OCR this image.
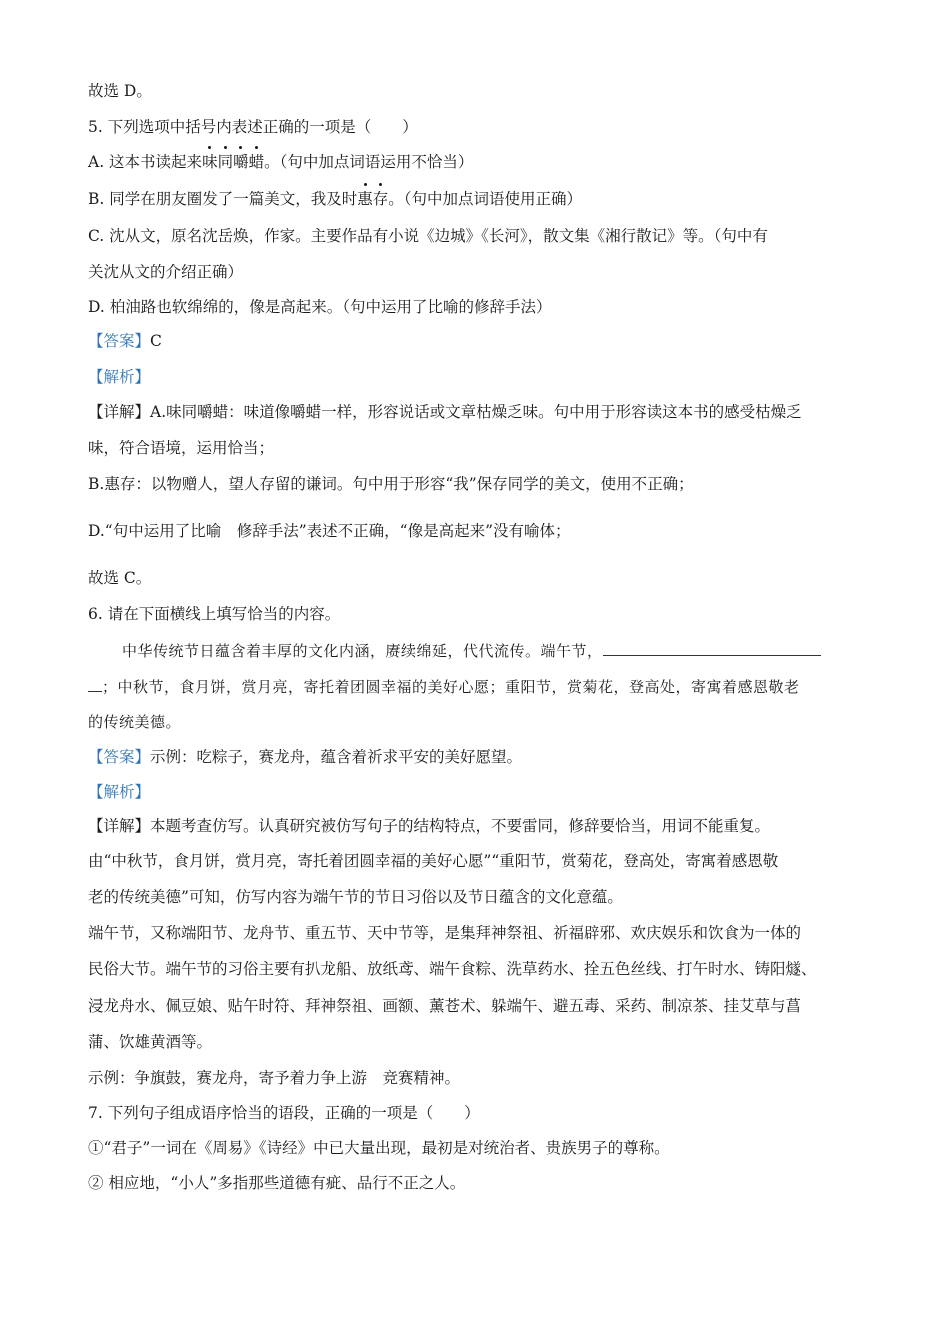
故选 D。
5. 下列选项中括号内表述正确的一项是（　　）
A. 这本书读起来味同嚼蜡。（句中加点词语运用不恰当）
B. 同学在朋友圈发了一篇美文，我及时惠存。（句中加点词语使用正确）
C. 沈从文，原名沈岳焕，作家。主要作品有小说《边城》《长河》，散文集《湘行散记》等。（句中有
关沈从文的介绍正确）
D. 柏油路也软绵绵的，像是高起来。（句中运用了比喻的修辞手法）
【答案】C
【解析】
【详解】A.味同嚼蜡：味道像嚼蜡一样，形容说话或文章枯燥乏味。句中用于形容读这本书的感受枯燥乏
味，符合语境，运用恰当；
B.惠存：以物赠人，望人存留的谦词。句中用于形容“我”保存同学的美文，使用不正确；
D.“句中运用了比喻　修辞手法”表述不正确，“像是高起来”没有喻体；
故选 C。
6. 请在下面横线上填写恰当的内容。
中华传统节日蕴含着丰厚的文化内涵，赓续绵延，代代流传。端午节，
；中秋节，食月饼，赏月亮，寄托着团圆幸福的美好心愿；重阳节，赏菊花，登高处，寄寓着感恩敬老
的传统美德。
【答案】示例：吃粽子，赛龙舟，蕴含着祈求平安的美好愿望。
【解析】
【详解】本题考查仿写。认真研究被仿写句子的结构特点，不要雷同，修辞要恰当，用词不能重复。
由“中秋节，食月饼，赏月亮，寄托着团圆幸福的美好心愿”“重阳节，赏菊花，登高处，寄寓着感恩敬
老的传统美德”可知，仿写内容为端午节的节日习俗以及节日蕴含的文化意蕴。
端午节，又称端阳节、龙舟节、重五节、天中节等，是集拜神祭祖、祈福辟邪、欢庆娱乐和饮食为一体的
民俗大节。端午节的习俗主要有扒龙船、放纸鸢、端午食粽、洗草药水、拴五色丝线、打午时水、铸阳燧、
浸龙舟水、佩豆娘、贴午时符、拜神祭祖、画额、薰苍术、躲端午、避五毒、采药、制凉茶、挂艾草与菖
蒲、饮雄黄酒等。
示例：争旗鼓，赛龙舟，寄予着力争上游　竞赛精神。
7. 下列句子组成语序恰当的语段，正确的一项是（　　）
①“君子”一词在《周易》《诗经》中已大量出现，最初是对统治者、贵族男子的尊称。
② 相应地，“小人”多指那些道德有疵、品行不正之人。
